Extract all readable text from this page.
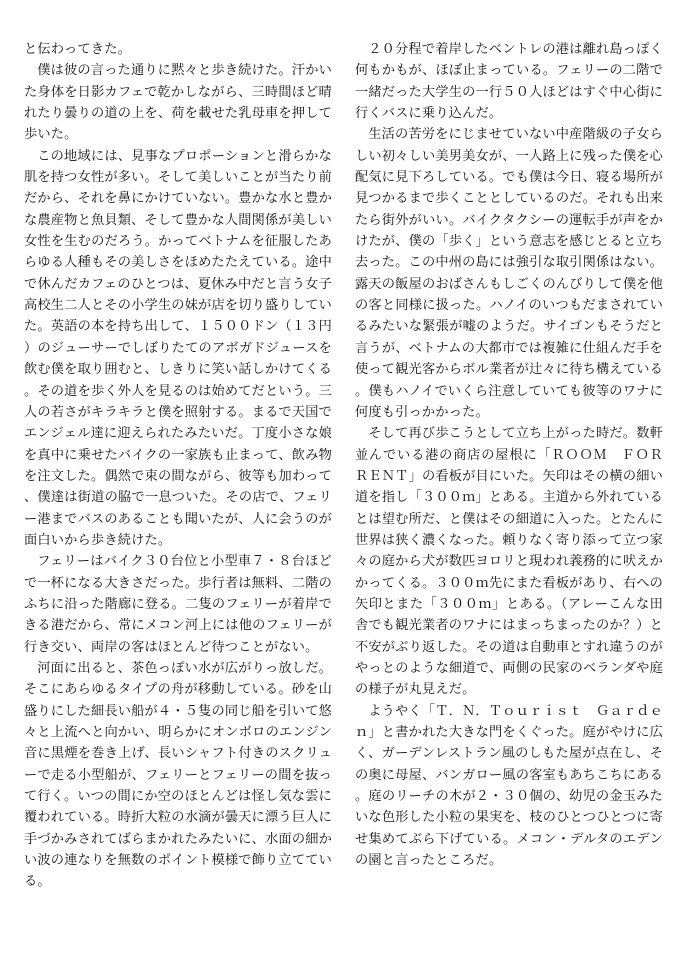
と伝わってきた。

僕は彼の言った通りに黙々と歩き続けた。汗かいた身体を日影カフェで乾かしながら、三時間ほど晴れたり曇りの道の上を、荷を載せた乳母車を押して歩いた。

この地域には、見事なプロポーションと滑らかな肌を持つ女性が多い。そして美しいことが当たり前だから、それを鼻にかけていない。豊かな水と豊かな農産物と魚貝類、そして豊かな人間関係が美しい女性を生むのだろう。かってベトナムを征服したあらゆる人種もその美しさをほめたたえている。途中で休んだカフェのひとつは、夏休み中だと言う女子高校生二人とその小学生の妹が店を切り盛りしていた。英語の本を持ち出して、１５００ドン（１３円）のジューサーでしぼりたてのアボガドジュースを飲む僕を取り囲むと、しきりに笑い話しかけてくる。その道を歩く外人を見るのは始めてだという。三人の若さがキラキラと僕を照射する。まるで天国でエンジェル達に迎えられたみたいだ。丁度小さな娘を真中に乗せたバイクの一家族も止まって、飲み物を注文した。偶然で束の間ながら、彼等も加わって、僕達は街道の脇で一息ついた。その店で、フェリー港までバスのあることも聞いたが、人に会うのが面白いから歩き続けた。

フェリーはバイク３０台位と小型車７・８台ほどで一杯になる大きさだった。歩行者は無料、二階のふちに沿った階廊に登る。二隻のフェリーが着岸できる港だから、常にメコン河上には他のフェリーが行き交い、両岸の客はほとんど待つことがない。

河面に出ると、茶色っぽい水が広がりっ放しだ。そこにあらゆるタイプの舟が移動している。砂を山盛りにした細長い船が４・５隻の同じ船を引いて悠々と上流へと向かい、明らかにオンボロのエンジン音に黒煙を巻き上げ、長いシャフト付きのスクリューで走る小型船が、フェリーとフェリーの間を抜って行く。いつの間にか空のほとんどは怪し気な雲に覆われている。時折大粒の水滴が曇天に漂う巨人に手づかみされてばらまかれたみたいに、水面の細かい波の連なりを無数のポイント模様で飾り立てている。

２０分程で着岸したベントレの港は離れ島っぽく何もかもが、ほぼ止まっている。フェリーの二階で一緒だった大学生の一行５０人ほどはすぐ中心街に行くバスに乗り込んだ。

生活の苦労をにじませていない中産階級の子女らしい初々しい美男美女が、一人路上に残った僕を心配気に見下ろしている。でも僕は今日、寝る場所が見つかるまで歩くこととしているのだ。それも出来たら街外がいい。バイクタクシーの運転手が声をかけたが、僕の「歩く」という意志を感じとると立ち去った。この中州の島には強引な取引関係はない。露天の飯屋のおばさんもしごくのんびりして僕を他の客と同様に扱った。ハノイのいつもだまされているみたいな緊張が嘘のようだ。サイゴンもそうだと言うが、ベトナムの大都市では複雑に仕組んだ手を使って観光客からボル業者が辻々に待ち構えている。僕もハノイでいくら注意していても彼等のワナに何度も引っかかった。

そして再び歩こうとして立ち上がった時だ。数軒並んでいる港の商店の屋根に「ＲＯＯＭ　ＦＯＲ　ＲＥＮＴ」の看板が目にいた。矢印はその横の細い道を指し「３００ｍ」とある。主道から外れているとは望む所だ、と僕はその細道に入った。とたんに世界は狭く濃くなった。頼りなく寄り添って立つ家々の庭から犬が数匹ヨロリと現われ義務的に吠えかかってくる。３００ｍ先にまた看板があり、右への矢印とまた「３００ｍ」とある。（アレーこんな田舎でも観光業者のワナにはまっちまったのか？）と不安がぶり返した。その道は自動車とすれ違うのがやっとのような細道で、両側の民家のベランダや庭の様子が丸見えだ。

ようやく「Ｔ．Ｎ．Ｔｏｕｒｉｓｔ　Ｇａｒｄｅｎ」と書かれた大きな門をくぐった。庭がやけに広く、ガーデンレストラン風のしもた屋が点在し、その奥に母屋、バンガロー風の客室もあちこちにある。庭のリーチの木が２・３０個の、幼児の金玉みたいな色形した小粒の果実を、枝のひとつひとつに寄せ集めてぶら下げている。メコン・デルタのエデンの園と言ったところだ。
